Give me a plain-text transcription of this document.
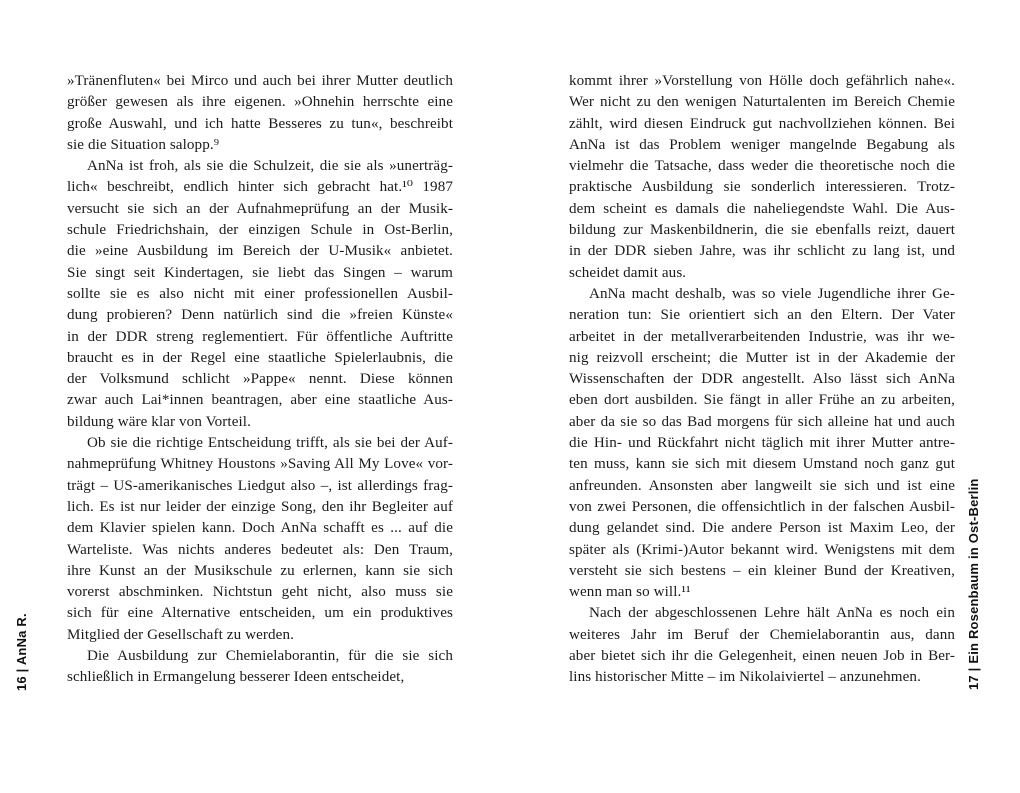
»Tränenfluten« bei Mirco und auch bei ihrer Mutter deutlich
größer gewesen als ihre eigenen. »Ohnehin herrschte eine
große Auswahl, und ich hatte Besseres zu tun«, beschreibt
sie die Situation salopp.⁹
AnNa ist froh, als sie die Schulzeit, die sie als »unerträg-
lich« beschreibt, endlich hinter sich gebracht hat.¹⁰ 1987
versucht sie sich an der Aufnahmeprüfung an der Musik-
schule Friedrichshain, der einzigen Schule in Ost-Berlin,
die »eine Ausbildung im Bereich der U-Musik« anbietet.
Sie singt seit Kindertagen, sie liebt das Singen – warum
sollte sie es also nicht mit einer professionellen Ausbil-
dung probieren? Denn natürlich sind die »freien Künste«
in der DDR streng reglementiert. Für öffentliche Auftritte
braucht es in der Regel eine staatliche Spielerlaubnis, die
der Volksmund schlicht »Pappe« nennt. Diese können
zwar auch Lai*innen beantragen, aber eine staatliche Aus-
bildung wäre klar von Vorteil.
Ob sie die richtige Entscheidung trifft, als sie bei der Auf-
nahmeprüfung Whitney Houstons »Saving All My Love« vor-
trägt – US-amerikanisches Liedgut also –, ist allerdings frag-
lich. Es ist nur leider der einzige Song, den ihr Begleiter auf
dem Klavier spielen kann. Doch AnNa schafft es ... auf die
Warteliste. Was nichts anderes bedeutet als: Den Traum,
ihre Kunst an der Musikschule zu erlernen, kann sie sich
vorerst abschminken. Nichtstun geht nicht, also muss sie
sich für eine Alternative entscheiden, um ein produktives
Mitglied der Gesellschaft zu werden.
Die Ausbildung zur Chemielaborantin, für die sie sich
schließlich in Ermangelung besserer Ideen entscheidet,
kommt ihrer »Vorstellung von Hölle doch gefährlich nahe«.
Wer nicht zu den wenigen Naturtalenten im Bereich Chemie
zählt, wird diesen Eindruck gut nachvollziehen können. Bei
AnNa ist das Problem weniger mangelnde Begabung als
vielmehr die Tatsache, dass weder die theoretische noch die
praktische Ausbildung sie sonderlich interessieren. Trotz-
dem scheint es damals die naheliegendste Wahl. Die Aus-
bildung zur Maskenbildnerin, die sie ebenfalls reizt, dauert
in der DDR sieben Jahre, was ihr schlicht zu lang ist, und
scheidet damit aus.
AnNa macht deshalb, was so viele Jugendliche ihrer Ge-
neration tun: Sie orientiert sich an den Eltern. Der Vater
arbeitet in der metallverarbeitenden Industrie, was ihr we-
nig reizvoll erscheint; die Mutter ist in der Akademie der
Wissenschaften der DDR angestellt. Also lässt sich AnNa
eben dort ausbilden. Sie fängt in aller Frühe an zu arbeiten,
aber da sie so das Bad morgens für sich alleine hat und auch
die Hin- und Rückfahrt nicht täglich mit ihrer Mutter antre-
ten muss, kann sie sich mit diesem Umstand noch ganz gut
anfreunden. Ansonsten aber langweilt sie sich und ist eine
von zwei Personen, die offensichtlich in der falschen Ausbil-
dung gelandet sind. Die andere Person ist Maxim Leo, der
später als (Krimi-)Autor bekannt wird. Wenigstens mit dem
versteht sie sich bestens – ein kleiner Bund der Kreativen,
wenn man so will.¹¹
Nach der abgeschlossenen Lehre hält AnNa es noch ein
weiteres Jahr im Beruf der Chemielaborantin aus, dann
aber bietet sich ihr die Gelegenheit, einen neuen Job in Ber-
lins historischer Mitte – im Nikolaiviertel – anzunehmen.
16 | AnNa R.	17 | Ein Rosenbaum in Ost-Berlin
